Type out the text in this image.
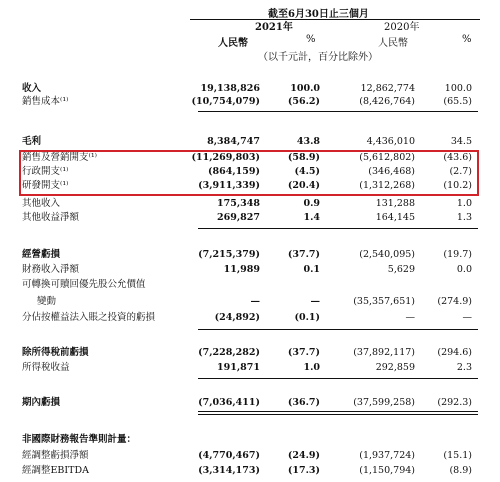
截至6月30日止三個月
2021年	2020年
人民幣	%	人民幣	%
（以千元計，百分比除外）
收入	19,138,826	100.0	12,862,774	100.0
銷售成本⁽¹⁾	(10,754,079)	(56.2)	(8,426,764)	(65.5)
毛利	8,384,747	43.8	4,436,010	34.5
銷售及營銷開支⁽¹⁾	(11,269,803)	(58.9)	(5,612,802)	(43.6)
行政開支⁽¹⁾	(864,159)	(4.5)	(346,468)	(2.7)
研發開支⁽¹⁾	(3,911,339)	(20.4)	(1,312,268)	(10.2)
其他收入	175,348	0.9	131,288	1.0
其他收益淨額	269,827	1.4	164,145	1.3
經營虧損	(7,215,379)	(37.7)	(2,540,095)	(19.7)
財務收入淨額	11,989	0.1	5,629	0.0
可轉換可贖回優先股公允價值
變動	—	—	(35,357,651) (274.9)
分佔按權益法入賬之投資的虧損	(24,892)	(0.1)	—	—
除所得稅前虧損	(7,228,282)	(37.7)	(37,892,117) (294.6)
所得稅收益	191,871	1.0	292,859	2.3
期內虧損	(7,036,411)	(36.7)	(37,599,258) (292.3)
非國際財務報告準則計量：
經調整虧損淨額	(4,770,467)	(24.9)	(1,937,724)	(15.1)
經調整EBITDA	(3,314,173)	(17.3)	(1,150,794)	(8.9)
